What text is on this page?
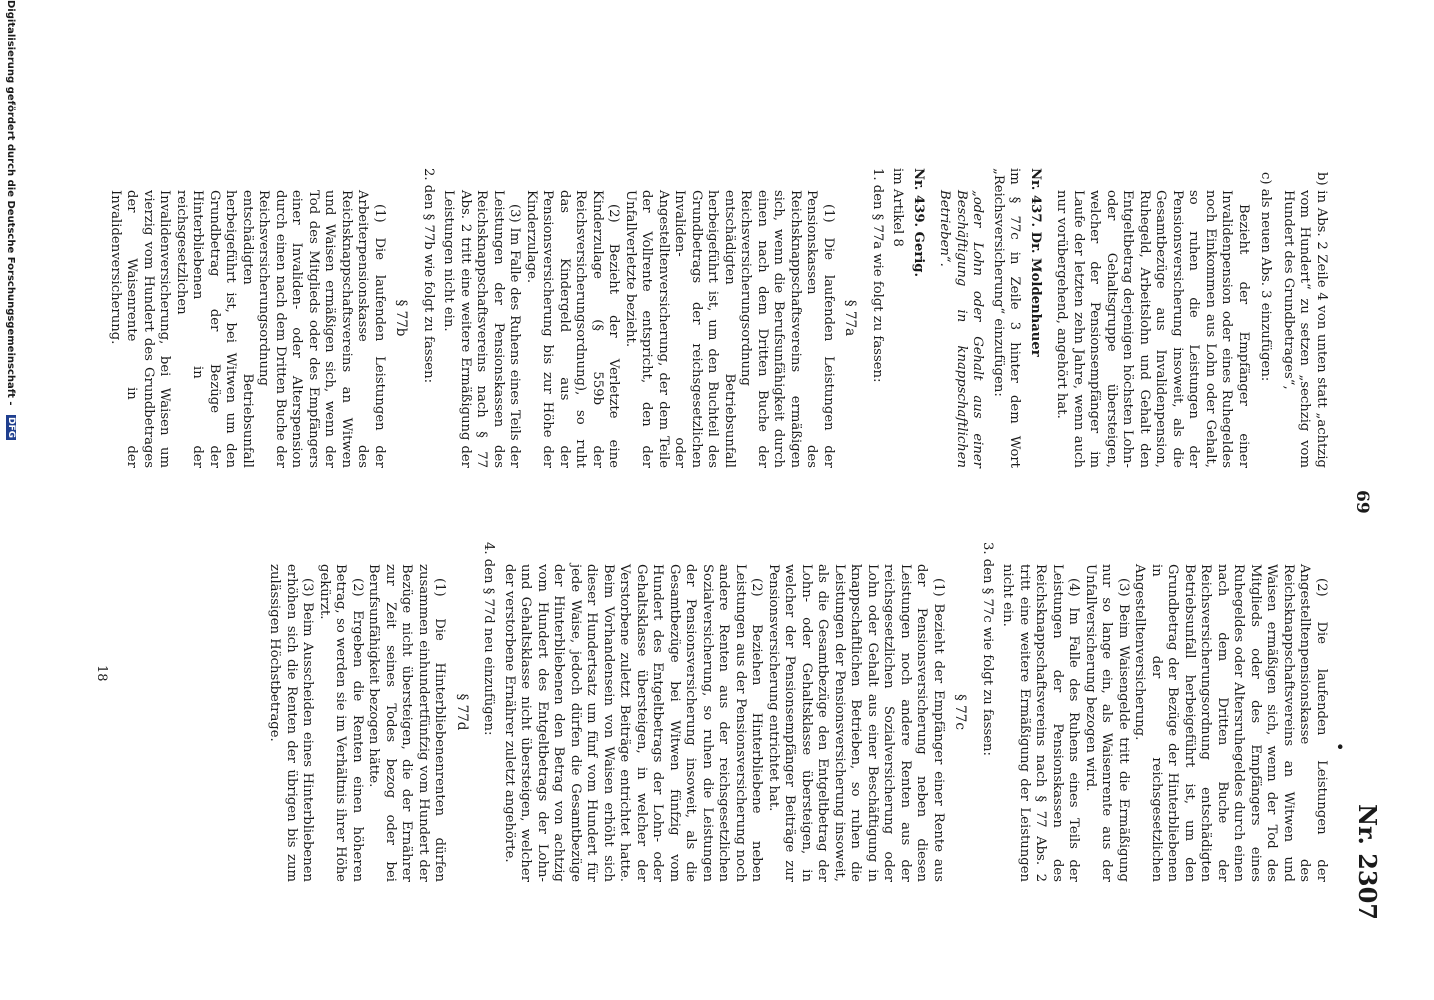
69
•
Nr. 2307

b) in Abs. 2 Zeile 4 von unten statt „achtzig vom Hundert“ zu setzen „sechzig vom Hundert des Grundbetrages“,

c) als neuen Abs. 3 einzufügen:

Bezieht der Empfänger einer Invalidenpension oder eines Ruhegeldes noch Einkommen aus Lohn oder Gehalt, so ruhen die Leistungen der Pensionsversicherung insoweit, als die Gesamtbezüge aus Invalidenpension, Ruhegeld, Arbeitslohn und Gehalt den Entgeltbetrag derjenigen höchsten Lohn- oder Gehaltsgruppe übersteigen, welcher der Pensionsempfänger im Laufe der letzten zehn Jahre, wenn auch nur vorübergehend, angehört hat.

Nr. 437. Dr. Moldenhauer

im § 77c in Zeile 3 hinter dem Wort „Reichsversicherung“ einzufügen:

„oder Lohn oder Gehalt aus einer Beschäftigung in knappschaftlichen Betrieben“.

Nr. 439. Gerig.

im Artikel 8

1. den § 77a wie folgt zu fassen:

§ 77a

(1) Die laufenden Leistungen der Pensionskassen des Reichsknappschaftsvereins ermäßigen sich, wenn die Berufsunfähigkeit durch einen nach dem Dritten Buche der Reichsversicherungsordnung entschädigten Betriebsunfall herbeigeführt ist, um den Buchteil des Grundbetrags der reichsgesetzlichen Invaliden- oder Angestelltenversicherung, der dem Teile der Vollrente entspricht, den der Unfallverletzte bezieht.

(2) Bezieht der Verletzte eine Kinderzulage (§ 559b der Reichsversicherungsordnung), so ruht das Kindergeld aus der Pensionsversicherung bis zur Höhe der Kinderzulage.

(3) Im Falle des Ruhens eines Teils der Leistungen der Pensionskassen des Reichsknappschaftsvereins nach § 77 Abs. 2 tritt eine weitere Ermäßigung der Leistungen nicht ein.

2. den § 77b wie folgt zu fassen:

§ 77b

(1) Die laufenden Leistungen der Arbeiterpensionskasse des Reichsknappschaftsvereins an Witwen und Waisen ermäßigen sich, wenn der Tod des Mitglieds oder des Empfängers einer Invaliden- oder Alterspension durch einen nach dem Dritten Buche der Reichsversicherungsordnung entschädigten Betriebsunfall herbeigeführt ist, bei Witwen um den Grundbetrag der Bezüge der Hinterbliebenen in der reichsgesetzlichen Invalidenversicherung, bei Waisen um vierzig vom Hundert des Grundbetrages der Waisenrente in der Invalidenversicherung.

(2) Die laufenden Leistungen der Angestelltenpensionskasse des Reichsknappschaftsvereins an Witwen und Waisen ermäßigen sich, wenn der Tod des Mitglieds oder des Empfängers eines Ruhegeldes oder Altersruhegeldes durch einen nach dem Dritten Buche der Reichsversicherungsordnung entschädigten Betriebsunfall herbeigeführt ist, um den Grundbetrag der Bezüge der Hinterbliebenen in der reichsgesetzlichen Angestelltenversicherung.

(3) Beim Waisengelde tritt die Ermäßigung nur so lange ein, als Waisenrente aus der Unfallversicherung bezogen wird.

(4) Im Falle des Ruhens eines Teils der Leistungen der Pensionskassen des Reichsknappschaftsvereins nach § 77 Abs. 2 tritt eine weitere Ermäßigung der Leistungen nicht ein.

3. den § 77c wie folgt zu fassen:

§ 77c

(1) Bezieht der Empfänger einer Rente aus der Pensionsversicherung neben diesen Leistungen noch andere Renten aus der reichsgesetzlichen Sozialversicherung oder Lohn oder Gehalt aus einer Beschäftigung in knappschaftlichen Betrieben, so ruhen die Leistungen der Pensionsversicherung insoweit, als die Gesamtbezüge den Entgeltbetrag der Lohn- oder Gehaltsklasse übersteigen, in welcher der Pensionsempfänger Beiträge zur Pensionsversicherung entrichtet hat.

(2) Beziehen Hinterbliebene neben Leistungen aus der Pensionsversicherung noch andere Renten aus der reichsgesetzlichen Sozialversicherung, so ruhen die Leistungen der Pensionsversicherung insoweit, als die Gesamtbezüge bei Witwen fünfzig vom Hundert des Entgeltbetrags der Lohn- oder Gehaltsklasse übersteigen, in welcher der Verstorbene zuletzt Beiträge entrichtet hatte. Beim Vorhandensein von Waisen erhöht sich dieser Hundertsatz um fünf vom Hundert für jede Waise, jedoch dürfen die Gesamtbezüge der Hinterbliebenen den Betrag von achtzig vom Hundert des Entgeltbetrags der Lohn- und Gehaltsklasse nicht übersteigen, welcher der verstorbene Ernährer zuletzt angehörte.

4. den § 77d neu einzufügen:

§ 77d

(1) Die Hinterbliebenenrenten dürfen zusammen einhundertfünfzig vom Hundert der Bezüge nicht übersteigen, die der Ernährer zur Zeit seines Todes bezog oder bei Berufsunfähigkeit bezogen hätte.

(2) Ergeben die Renten einen höheren Betrag, so werden sie im Verhältnis ihrer Höhe gekürzt.

(3) Beim Ausscheiden eines Hinterbliebenen erhöhen sich die Renten der übrigen bis zum zulässigen Höchstbetrage.

18
Digitalisierung gefördert durch die Deutsche Forschungsgemeinschaft - DFG
